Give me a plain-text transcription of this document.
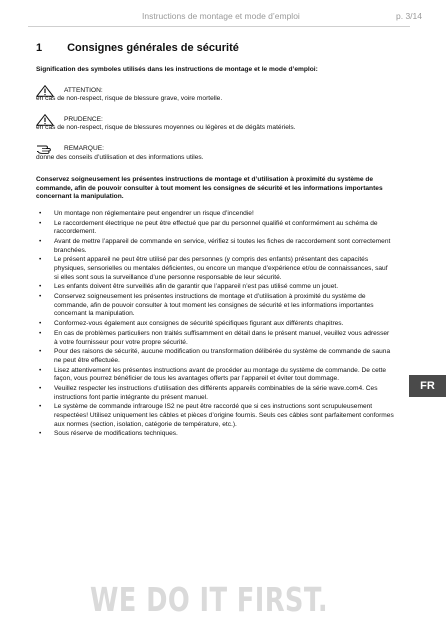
Instructions de montage et mode d’emploi	p. 3/14
1 Consignes générales de sécurité
Signification des symboles utilisés dans les instructions de montage et le mode d’emploi:
ATTENTION:
en cas de non-respect, risque de blessure grave, voire mortelle.
PRUDENCE:
en cas de non-respect, risque de blessures moyennes ou légères et de dégâts matériels.
REMARQUE:
donne des conseils d’utilisation et des informations utiles.
Conservez soigneusement les présentes instructions de montage et d’utilisation à proximité du système de commande, afin de pouvoir consulter à tout moment les consignes de sécurité et les informations importantes concernant la manipulation.
• Un montage non réglementaire peut engendrer un risque d’incendie!
• Le raccordement électrique ne peut être effectué que par du personnel qualifié et conformément au schéma de raccordement.
• Avant de mettre l’appareil de commande en service, vérifiez si toutes les fiches de raccordement sont correctement branchées.
• Le présent appareil ne peut être utilisé par des personnes (y compris des enfants) présentant des capacités physiques, sensorielles ou mentales déficientes, ou encore un manque d’expérience et/ou de connaissances, sauf si elles sont sous la surveillance d’une personne responsable de leur sécurité.
• Les enfants doivent être surveillés afin de garantir que l’appareil n’est pas utilisé comme un jouet.
• Conservez soigneusement les présentes instructions de montage et d’utilisation à proximité du système de commande, afin de pouvoir consulter à tout moment les consignes de sécurité et les informations importantes concernant la manipulation.
• Conformez-vous également aux consignes de sécurité spécifiques figurant aux différents chapitres.
• En cas de problèmes particuliers non traités suffisamment en détail dans le présent manuel, veuillez vous adresser à votre fournisseur pour votre propre sécurité.
• Pour des raisons de sécurité, aucune modification ou transformation délibérée du système de commande de sauna ne peut être effectuée.
• Lisez attentivement les présentes instructions avant de procéder au montage du système de commande. De cette façon, vous pourrez bénéficier de tous les avantages offerts par l’appareil et éviter tout dommage.
• Veuillez respecter les instructions d’utilisation des différents appareils combinables de la série wave.com4. Ces instructions font partie intégrante du présent manuel.
• Le système de commande infrarouge IS2 ne peut être raccordé que si ces instructions sont scrupuleusement respectées! Utilisez uniquement les câbles et pièces d’origine fournis. Seuls ces câbles sont parfaitement conformes aux normes (section, isolation, catégorie de température, etc.).
• Sous réserve de modifications techniques.
FR
WE DO IT FIRST.
